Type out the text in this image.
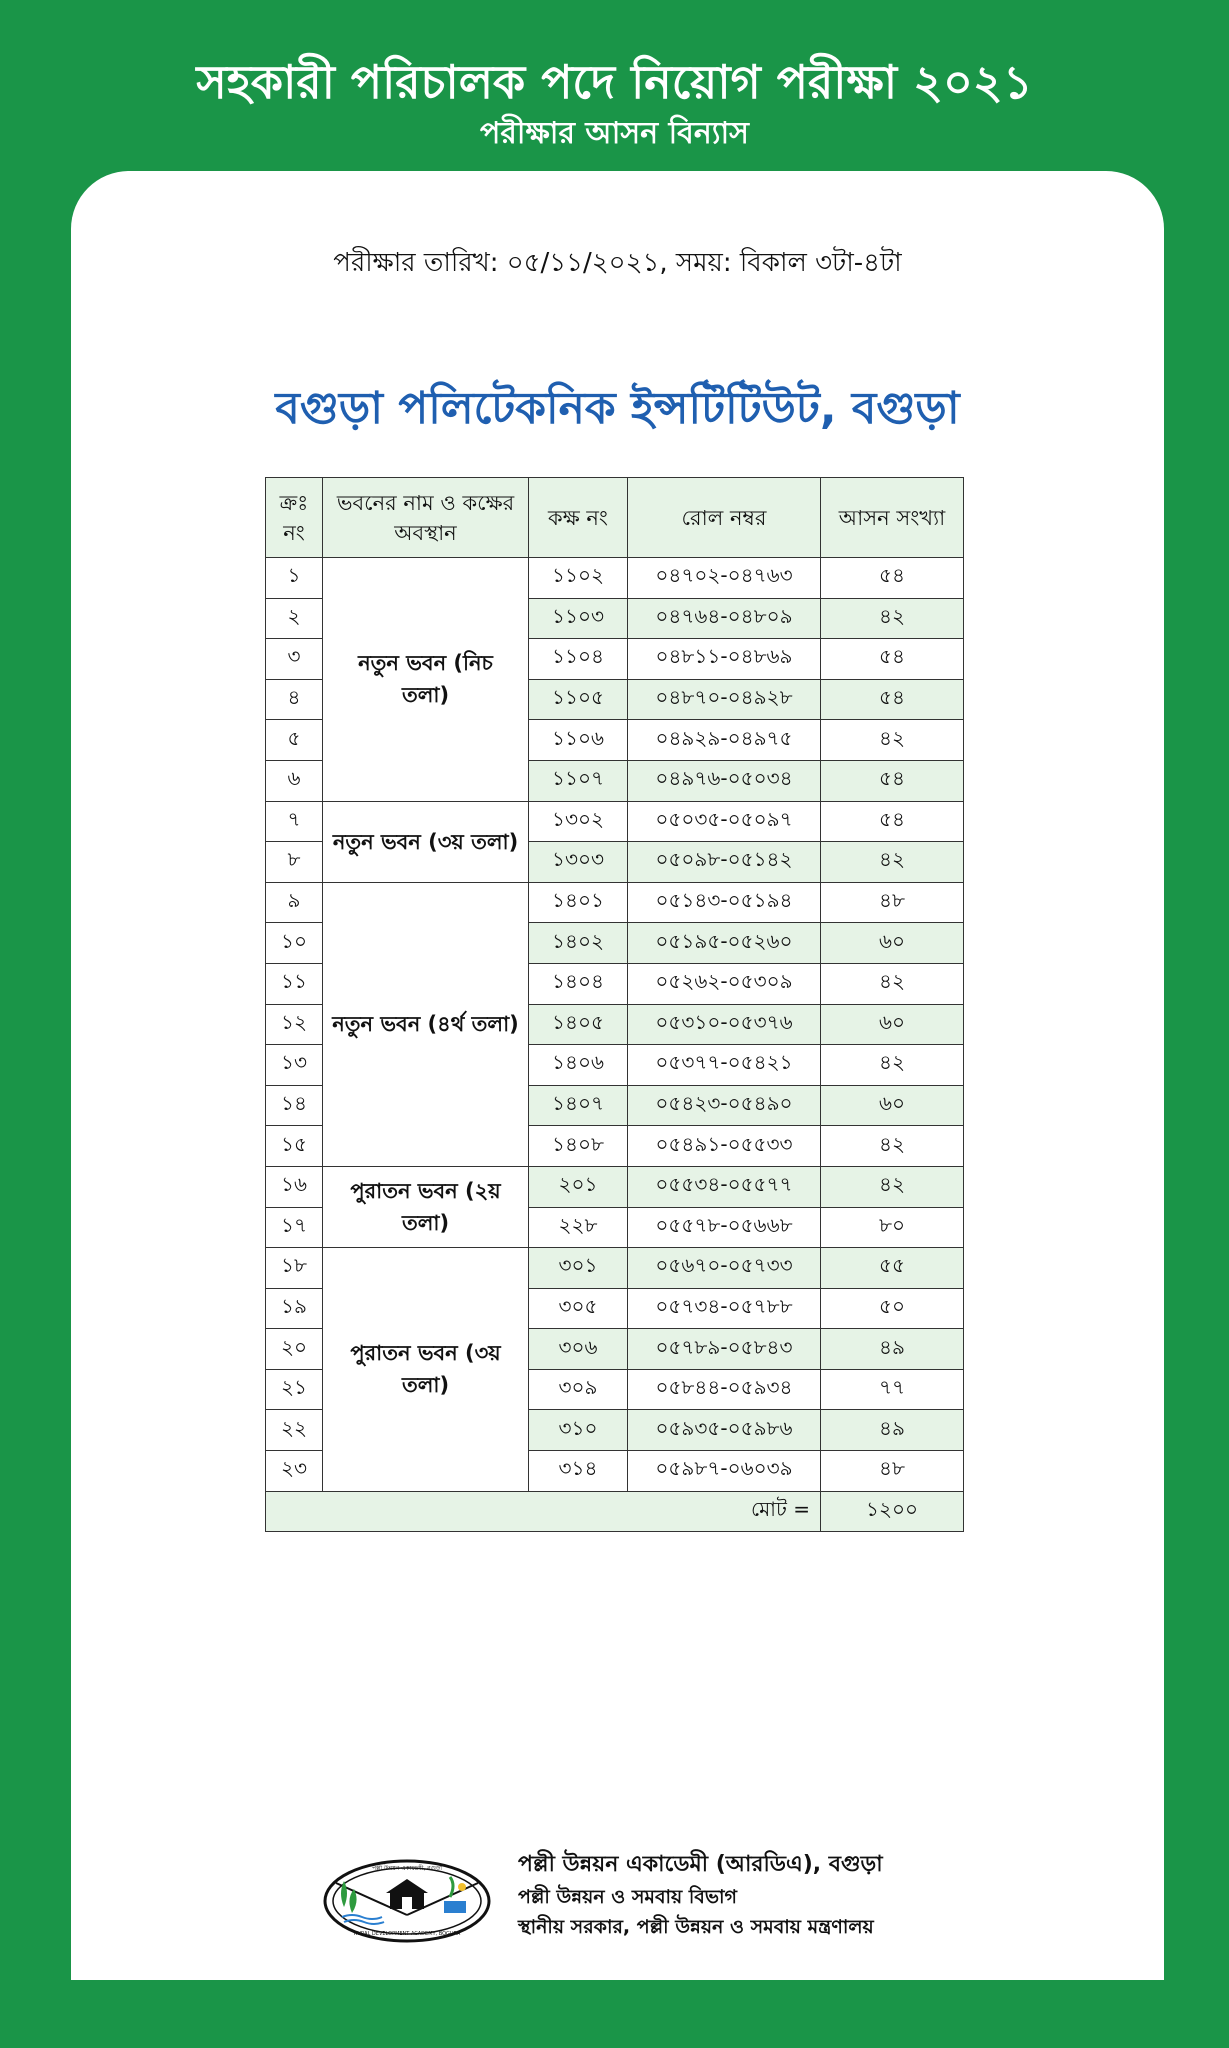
সহকারী পরিচালক পদে নিয়োগ পরীক্ষা ২০২১
পরীক্ষার আসন বিন্যাস
পরীক্ষার তারিখ: ০৫/১১/২০২১, সময়: বিকাল ৩টা-৪টা
বগুড়া পলিটেকনিক ইন্সটিটিউট, বগুড়া
ক্রঃ নং	ভবনের নাম ও কক্ষের অবস্থান	কক্ষ নং	রোল নম্বর	আসন সংখ্যা
১	নতুন ভবন (নিচ তলা)	১১০২	০৪৭০২-০৪৭৬৩	৫৪
২		১১০৩	০৪৭৬৪-০৪৮০৯	৪২
৩		১১০৪	০৪৮১১-০৪৮৬৯	৫৪
৪		১১০৫	০৪৮৭০-০৪৯২৮	৫৪
৫		১১০৬	০৪৯২৯-০৪৯৭৫	৪২
৬		১১০৭	০৪৯৭৬-০৫০৩৪	৫৪
৭	নতুন ভবন (৩য় তলা)	১৩০২	০৫০৩৫-০৫০৯৭	৫৪
৮		১৩০৩	০৫০৯৮-০৫১৪২	৪২
৯	নতুন ভবন (৪র্থ তলা)	১৪০১	০৫১৪৩-০৫১৯৪	৪৮
১০		১৪০২	০৫১৯৫-০৫২৬০	৬০
১১		১৪০৪	০৫২৬২-০৫৩০৯	৪২
১২		১৪০৫	০৫৩১০-০৫৩৭৬	৬০
১৩		১৪০৬	০৫৩৭৭-০৫৪২১	৪২
১৪		১৪০৭	০৫৪২৩-০৫৪৯০	৬০
১৫		১৪০৮	০৫৪৯১-০৫৫৩৩	৪২
১৬	পুরাতন ভবন (২য় তলা)	২০১	০৫৫৩৪-০৫৫৭৭	৪২
১৭		২২৮	০৫৫৭৮-০৫৬৬৮	৮০
১৮	পুরাতন ভবন (৩য় তলা)	৩০১	০৫৬৭০-০৫৭৩৩	৫৫
১৯		৩০৫	০৫৭৩৪-০৫৭৮৮	৫০
২০		৩০৬	০৫৭৮৯-০৫৮৪৩	৪৯
২১		৩০৯	০৫৮৪৪-০৫৯৩৪	৭৭
২২		৩১০	০৫৯৩৫-০৫৯৮৬	৪৯
২৩		৩১৪	০৫৯৮৭-০৬০৩৯	৪৮
মোট =				১২০০
পল্লী উন্নয়ন একাডেমী, বগুড়া
RURAL DEVELOPMENT ACADEMY, BOGURA
পল্লী উন্নয়ন একাডেমী (আরডিএ), বগুড়া
পল্লী উন্নয়ন ও সমবায় বিভাগ
স্থানীয় সরকার, পল্লী উন্নয়ন ও সমবায় মন্ত্রণালয়
